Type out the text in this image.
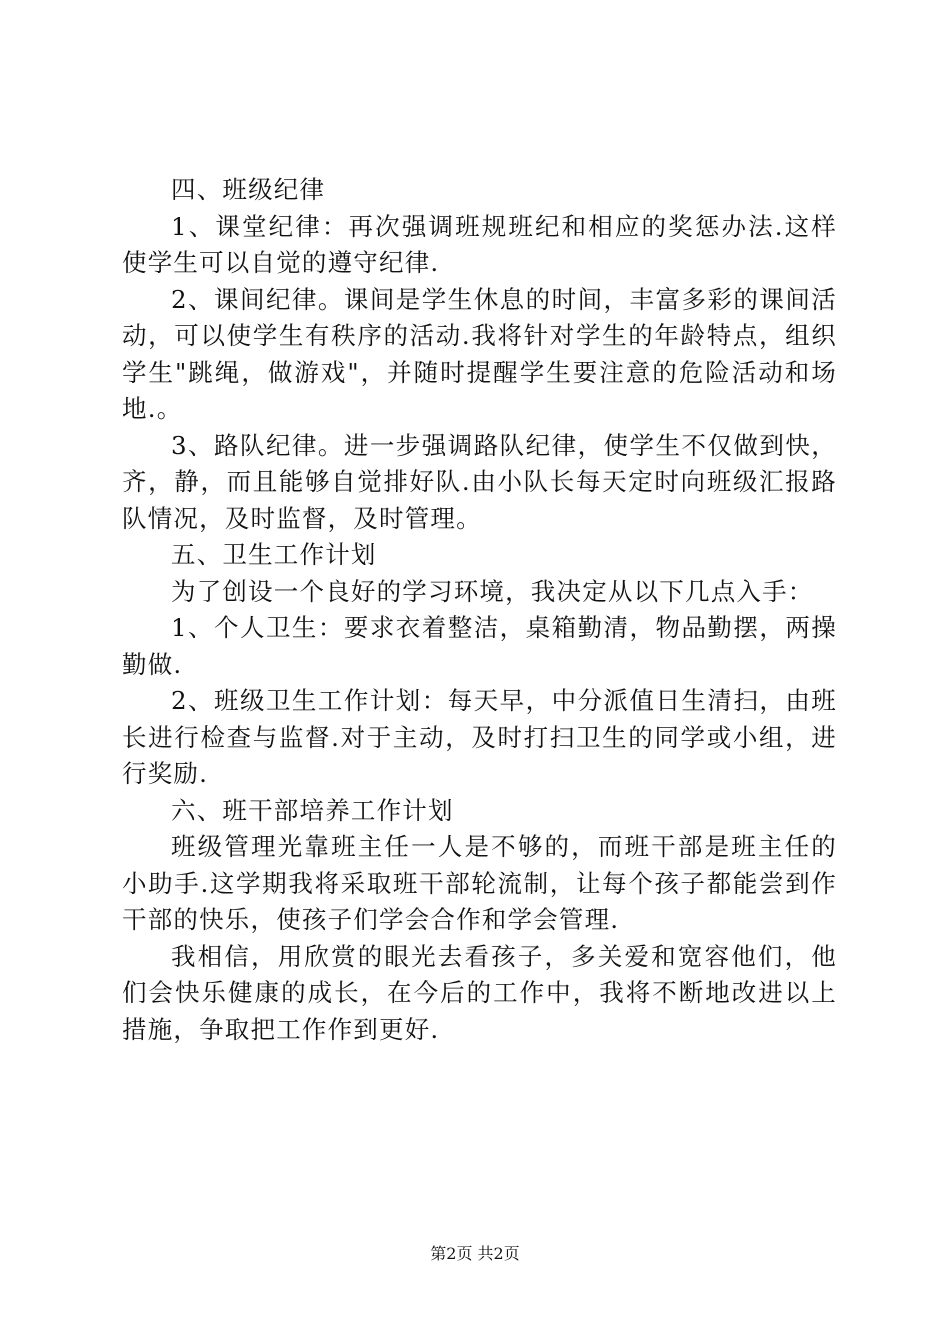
四、班级纪律

1、课堂纪律：再次强调班规班纪和相应的奖惩办法.这样使学生可以自觉的遵守纪律.

2、课间纪律。课间是学生休息的时间，丰富多彩的课间活动，可以使学生有秩序的活动.我将针对学生的年龄特点，组织学生"跳绳，做游戏"，并随时提醒学生要注意的危险活动和场地.。

3、路队纪律。进一步强调路队纪律，使学生不仅做到快，齐，静，而且能够自觉排好队.由小队长每天定时向班级汇报路队情况，及时监督，及时管理。

五、卫生工作计划

为了创设一个良好的学习环境，我决定从以下几点入手：

1、个人卫生：要求衣着整洁，桌箱勤清，物品勤摆，两操勤做.

2、班级卫生工作计划：每天早，中分派值日生清扫，由班长进行检查与监督.对于主动，及时打扫卫生的同学或小组，进行奖励.

六、班干部培养工作计划

班级管理光靠班主任一人是不够的，而班干部是班主任的小助手.这学期我将采取班干部轮流制，让每个孩子都能尝到作干部的快乐，使孩子们学会合作和学会管理.

我相信，用欣赏的眼光去看孩子，多关爱和宽容他们，他们会快乐健康的成长，在今后的工作中，我将不断地改进以上措施，争取把工作作到更好.

第2页 共2页
